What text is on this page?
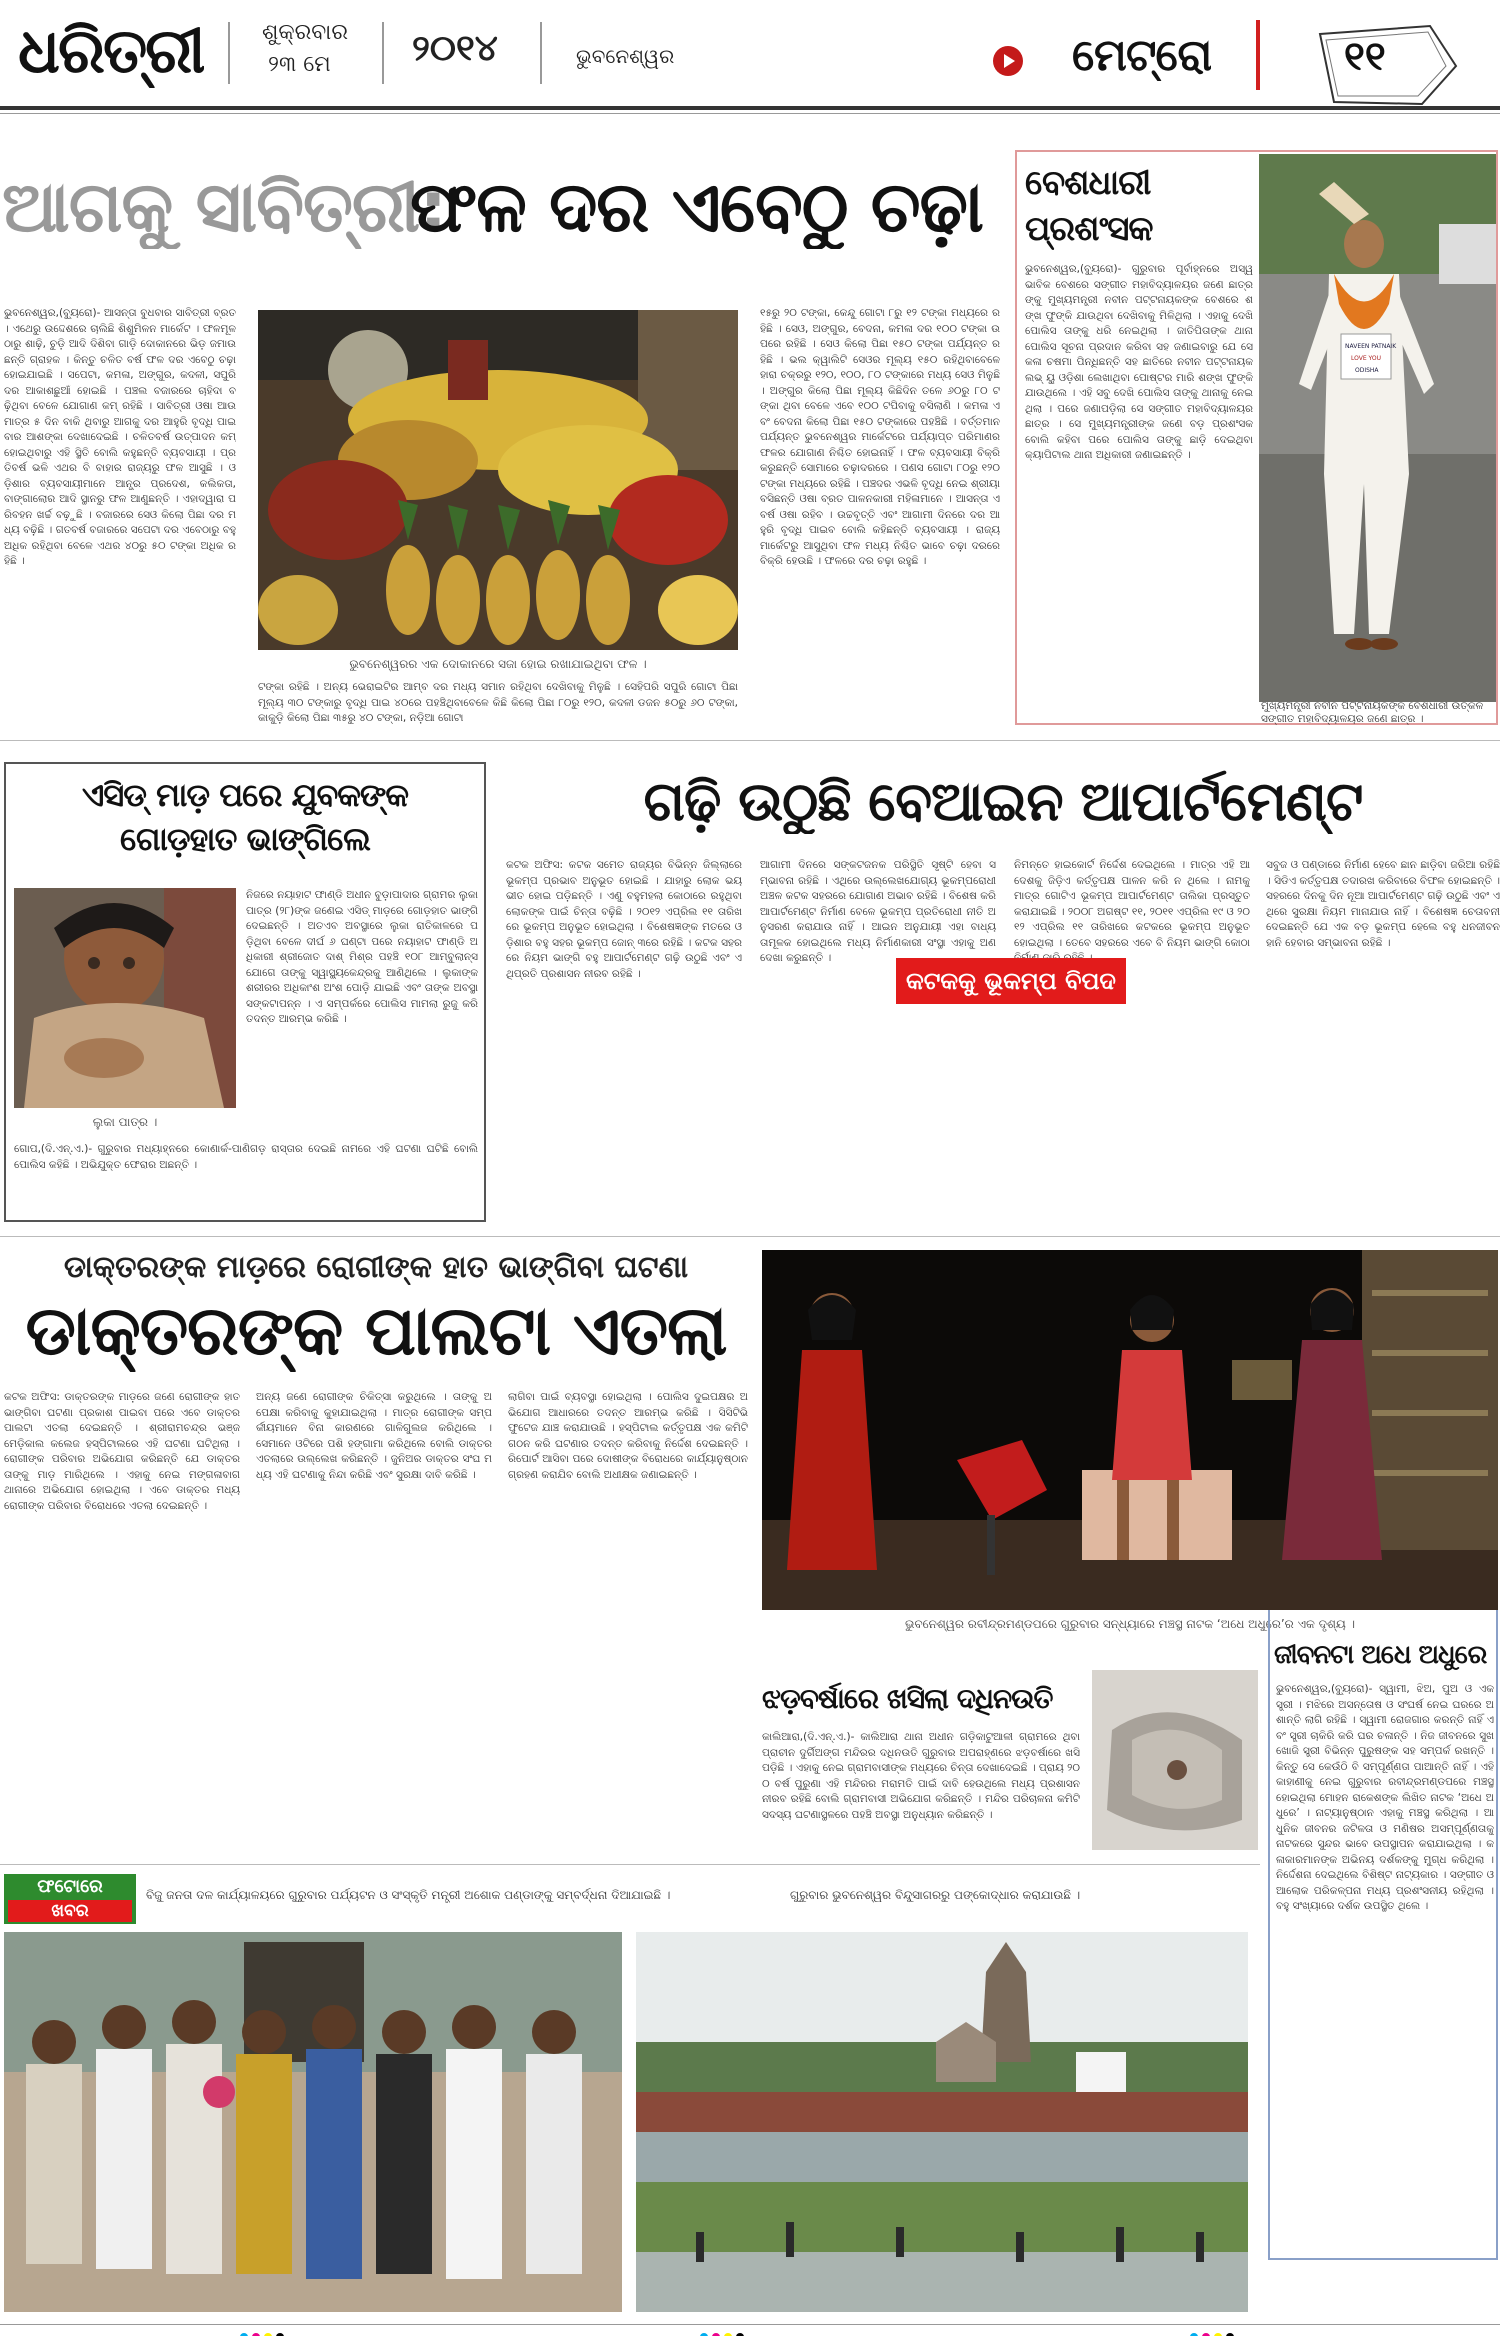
ଧରିତ୍ରୀ	ଶୁକ୍ରବାର
୨୩ ମେ ୨୦୧୪	ଭୁବନେଶ୍ୱର	ମେଟ୍ରୋ	୧୧
ଆଗକୁ ସାବିତ୍ରୀ:
ଫଳ ଦର ଏବେଠୁ ଚଢ଼ା
ଭୁବନେଶ୍ୱର,(ବ୍ୟୁରୋ)- ଆସନ୍ତା ବୁଧବାର ସାବିତ୍ରୀ ବ୍ରତ । ଏଥେରୁ ଉଦ୍ଦେଶରେ ଚାଲିଛି ଶିଶୁମିଳନ ମାର୍କେଟ । ଫଳମୂଳଠାରୁ ଶାଢ଼ି, ଚୁଡ଼ି ଆଦି ଦିଶିବା ଗାଡ଼ି ଦୋକାନରେ ଭିଡ଼ ଜମାଉଛନ୍ତି ଗ୍ରାହକ । କିନ୍ତୁ ଚଳିତ ବର୍ଷ ଫଳ ଦର ଏବେଠୁ ଚଢ଼ା ହୋଇଯାଇଛି । ସପେଟା, କମଳା, ଅଙ୍ଗୁର, କଦଳୀ, ସପୁରି ଦର ଆକାଶଛୁଆଁ ହୋଇଛି । ପଞ୍ଚଲ ବଜାରରେ ଚାହିଦା ବଢ଼ିଥିବା ବେଳେ ଯୋଗାଣ କମ୍ ରହିଛି । ସାବିତ୍ରୀ ଓଷା ଆଉ ମାତ୍ର ୫ ଦିନ ବାକି ଥିବାରୁ ଆଗକୁ ଦର ଆହୁରି ବୃଦ୍ଧି ପାଇବାର ଆଶଙ୍କା ଦେଖାଦେଇଛି । ଚଳିତବର୍ଷ ଉତ୍ପାଦନ କମ୍ ହୋଇଥିବାରୁ ଏହି ସ୍ଥିତି ବୋଲି କହୁଛନ୍ତି ବ୍ୟବସାୟୀ । ପ୍ରତିବର୍ଷ ଭଳି ଏଥର ବି ବାହାର ରାଜ୍ୟରୁ ଫଳ ଆସୁଛି । ଓଡ଼ିଶାର ବ୍ୟବସାୟୀମାନେ ଆନ୍ଧ୍ର ପ୍ରଦେଶ, କଲିକତା, ବାଙ୍ଗାଲୋର ଆଦି ସ୍ଥାନରୁ ଫଳ ଆଣୁଛନ୍ତି । ଏହାଦ୍ୱାରା ପରିବହନ ଖର୍ଚ୍ଚ ବଢ଼ୁଛି । ବଜାରରେ ସେଓ କିଲୋ ପିଛା ଦର ମଧ୍ୟ ବଢ଼ିଛି । ଗତବର୍ଷ ବଜାରରେ ସପେଟା ଦର ଏବେଠାରୁ ବହୁ ଅଧିକ ରହିଥିବା ବେଳେ ଏଥର ୪୦ରୁ ୫୦ ଟଙ୍କା ଅଧିକ ରହିଛି ।
ଭୁବନେଶ୍ୱରର ଏକ ଦୋକାନରେ ସଜା ହୋଇ ରଖାଯାଇଥିବା ଫଳ ।
ଟଙ୍କା ରହିଛି । ଅନ୍ୟ ଭେରାଇଟିର ଆମ୍ବ ଦର ମଧ୍ୟ ସମାନ ରହିଥିବା ଦେଖିବାକୁ ମିଳୁଛି । ସେହିପରି ସପୁରି ଗୋଟା ପିଛା ମୂଲ୍ୟ ୩୦ ଟଙ୍କାରୁ ବୃଦ୍ଧି ପାଇ ୪୦ରେ ପହଞ୍ଚିଥିବାବେଳେ କିଛି କିଲୋ ପିଛା ୮୦ରୁ ୧୨୦, କଦଳୀ ଡଜନ ୫୦ରୁ ୬୦ ଟଙ୍କା, କାକୁଡ଼ି କିଲୋ ପିଛା ୩୫ରୁ ୪୦ ଟଙ୍କା, ନଡ଼ିଆ ଗୋଟା
୧୫ରୁ ୨୦ ଟଙ୍କା, କେନ୍ଦୁ ଗୋଟା ୮ରୁ ୧୨ ଟଙ୍କା ମଧ୍ୟରେ ରହିଛି । ସେଓ, ଅଙ୍ଗୁର, ବେଦନା, କମଳା ଦର ୧୦୦ ଟଙ୍କା ଉପରେ ରହିଛି । ସେଓ କିଲୋ ପିଛା ୧୫୦ ଟଙ୍କା ପର୍ଯ୍ୟନ୍ତ ରହିଛି । ଭଲ କ୍ୱାଲିଟି ସେଓର ମୂଲ୍ୟ ୧୫୦ ରହିଥିବାବେଳେ ହାରା ଚକ୍ରରୁ ୧୨୦, ୧୦୦, ୮୦ ଟଙ୍କାରେ ମଧ୍ୟ ସେଓ ମିଳୁଛି । ଅଙ୍ଗୁର କିଲୋ ପିଛା ମୂଲ୍ୟ କିଛିଦିନ ତଳେ ୬୦ରୁ ୮୦ ଟଙ୍କା ଥିବା ବେଳେ ଏବେ ୧୦୦ ଟପିବାକୁ ବସିଲାଣି । କମଳା ଏବଂ ବେଦନା କିଲୋ ପିଛା ୧୫୦ ଟଙ୍କାରେ ପହଞ୍ଚିଛି । ବର୍ତ୍ତମାନ ପର୍ଯ୍ୟନ୍ତ ଭୁବନେଶ୍ୱର ମାର୍କେଟରେ ପର୍ଯ୍ୟାପ୍ତ ପରିମାଣର ଫଳର ଯୋଗାଣ ନିଶ୍ଚିତ ହୋଇନାହିଁ । ଫଳ ବ୍ୟବସାୟୀ ବିକ୍ରି କରୁଛନ୍ତି ସୋମାରେ ଚଢ଼ାଦରରେ । ପଣସ ଗୋଟା ୮୦ରୁ ୧୨୦ ଟଙ୍କା ମଧ୍ୟରେ ରହିଛି । ପଞ୍ଚଦର ଏଭଳି ବୃଦ୍ଧି ନେଇ ଶ୍ରୀୟା ବସିଛନ୍ତି ଓଷା ବ୍ରତ ପାଳନକାରୀ ମହିଳାମାନେ । ଆସନ୍ତା ଏବର୍ଷ ଓଷା ରହିବ । ଉଚ୍ଚବୃତ୍ତି ଏବଂ ଆଗାମୀ ଦିନରେ ଦର ଆହୁରି ବୃଦ୍ଧି ପାଇବ ବୋଲି କହିଛନ୍ତି ବ୍ୟବସାୟୀ । ରାଜ୍ୟ ମାର୍କେଟରୁ ଆସୁଥିବା ଫଳ ମଧ୍ୟ ନିଶ୍ଚିତ ଭାବେ ଚଢ଼ା ଦରରେ ବିକ୍ରି ହେଉଛି । ଫଳରେ ଦର ଚଢ଼ା ରହୁଛି ।
ବେଶଧାରୀ ପ୍ରଶଂସକ
ଭୁବନେଶ୍ୱର,(ବ୍ୟୁରୋ)- ଗୁରୁବାର ପୂର୍ବାହ୍ନରେ ଅସ୍ୱଭାବିକ ବେଶରେ ସଙ୍ଗୀତ ମହାବିଦ୍ୟାଳୟର ଜଣେ ଛାତ୍ରଙ୍କୁ ମୁଖ୍ୟମନ୍ତ୍ରୀ ନବୀନ ପଟ୍ଟନାୟକଙ୍କ ବେଶରେ ଶଙ୍ଖ ଫୁଙ୍କି ଯାଉଥିବା ଦେଖିବାକୁ ମିଳିଥିଲା । ଏହାକୁ ଦେଖି ପୋଲିସ ତାଙ୍କୁ ଧରି ନେଇଥିଲା । ଜାତିପିତାଙ୍କ ଥାନା ପୋଲିସ ସୂଚନା ପ୍ରଦାନ କରିବା ସହ ଜଣାଇବାରୁ ଯେ ସେ କଳା ଚଷମା ପିନ୍ଧିଛନ୍ତି ସହ ଛାତିରେ ନବୀନ ପଟ୍ଟନାୟକ ଲଭ୍ ୟୁ ଓଡ଼ିଶା ଲେଖାଥିବା ପୋଷ୍ଟର ମାରି ଶଙ୍ଖ ଫୁଙ୍କି ଯାଉଥିଲେ । ଏହି ସବୁ ଦେଖି ପୋଲିସ ତାଙ୍କୁ ଥାନାକୁ ନେଇଥିଲା । ପରେ ଜଣାପଡ଼ିଲା ସେ ସଙ୍ଗୀତ ମହାବିଦ୍ୟାଳୟର ଛାତ୍ର । ସେ ମୁଖ୍ୟମନ୍ତ୍ରୀଙ୍କ ଜଣେ ବଡ଼ ପ୍ରଶଂସକ ବୋଲି କହିବା ପରେ ପୋଲିସ ତାଙ୍କୁ ଛାଡ଼ି ଦେଇଥିବା କ୍ୟାପିଟାଲ ଥାନା ଅଧିକାରୀ ଜଣାଇଛନ୍ତି ।
NAVEEN PATNAIK
LOVE YOU
ODISHA
ମୁଖ୍ୟମନ୍ତ୍ରୀ ନବୀନ ପଟ୍ଟନାୟକଙ୍କ ବେଶଧାରୀ ଉତ୍କଳ ସଙ୍ଗୀତ ମହାବିଦ୍ୟାଳୟର ଜଣେ ଛାତ୍ର ।
ଏସିଡ୍ ମାଡ଼ ପରେ ଯୁବକଙ୍କ
ଗୋଡ଼ହାତ ଭାଙ୍ଗିଲେ
ଲୁକା ପାତ୍ର ।
ନିଜରେ ନୟାହାଟ ଫାଣ୍ଡି ଅଧୀନ ବୁଡ଼ାପାଦାର ଗ୍ରାମର ଲୁକା ପାତ୍ର (୨୮)ଙ୍କ ଜଣେଇ ଏସିଡ୍ ମାଡ଼ରେ ଗୋଡ଼ହାତ ଭାଙ୍ଗି ଦେଇଛନ୍ତି । ଅତଏବ ଅବସ୍ଥାରେ ଲୁକା ରାତିକାଳରେ ପଡ଼ିଥିବା ବେଳେ ଦୀର୍ଘ ୬ ଘଣ୍ଟା ପରେ ନୟାହାଟ ଫାଣ୍ଡି ଅଧିକାରୀ ଶ୍ରୀଜୋତ ଦାଶ୍ ମିଶ୍ର ପହଞ୍ଚି ୧୦୮ ଆମ୍ବୁଲାନ୍ସ ଯୋଗେ ତାଙ୍କୁ ସ୍ୱାସ୍ଥ୍ୟକେନ୍ଦ୍ରକୁ ଆଣିଥିଲେ । ଲୁକାଙ୍କ ଶରୀରର ଅଧିକାଂଶ ଅଂଶ ପୋଡ଼ି ଯାଇଛି ଏବଂ ତାଙ୍କ ଅବସ୍ଥା ସଙ୍କଟାପନ୍ନ । ଏ ସମ୍ପର୍କରେ ପୋଲିସ ମାମଲା ରୁଜୁ କରି ତଦନ୍ତ ଆରମ୍ଭ କରିଛି ।
ଗୋପ,(ଦି.ଏନ୍.ଏ.)- ଗୁରୁବାର ମଧ୍ୟାହ୍ନରେ କୋଣାର୍କ-ପାଣିଗଡ଼ ରାସ୍ତାର ଦେଇଛି ନାମରେ ଏହି ଘଟଣା ଘଟିଛି ବୋଲି ପୋଲିସ କହିଛି । ଅଭିଯୁକ୍ତ ଫେରାର ଅଛନ୍ତି ।
ଗଢ଼ି ଉଠୁଛି ବେଆଇନ ଆପାର୍ଟମେଣ୍ଟ
କଟକ ଅଫିସ: କଟକ ସମେତ ରାଜ୍ୟର ବିଭିନ୍ନ ଜିଲ୍ଲାରେ ଭୂକମ୍ପ ପ୍ରଭାବ ଅନୁଭୂତ ହୋଇଛି । ଯାହାରୁ ଲୋକ ଭୟଭୀତ ହୋଇ ପଡ଼ିଛନ୍ତି । ଏଣୁ ବହୁମହଲା କୋଠାରେ ରହୁଥିବା ଲୋକଙ୍କ ପାଇଁ ଚିନ୍ତା ବଢ଼ିଛି । ୨୦୧୨ ଏପ୍ରିଲ ୧୧ ତାରିଖରେ ଭୂକମ୍ପ ଅନୁଭୂତ ହୋଇଥିଲା । ବିଶେଷଜ୍ଞଙ୍କ ମତରେ ଓଡ଼ିଶାର ବହୁ ସହର ଭୂକମ୍ପ ଜୋନ୍ ୩ରେ ରହିଛି । କଟକ ସହରରେ ନିୟମ ଭାଙ୍ଗି ବହୁ ଆପାର୍ଟମେଣ୍ଟ ଗଢ଼ି ଉଠୁଛି ଏବଂ ଏଥିପ୍ରତି ପ୍ରଶାସନ ନୀରବ ରହିଛି ।
ଆଗାମୀ ଦିନରେ ସଙ୍କଟଜନକ ପରିସ୍ଥିତି ସୃଷ୍ଟି ହେବା ସମ୍ଭାବନା ରହିଛି । ଏଥିରେ ଉଲ୍ଲେଖଯୋଗ୍ୟ ଭୂକମ୍ପରୋଧୀ ଅଞ୍ଚଳ କଟକ ସହରରେ ଯୋଗାଣ ଅଭାବ ରହିଛି । ବିଶେଷ କରି ଆପାର୍ଟମେଣ୍ଟ ନିର୍ମାଣ ବେଳେ ଭୂକମ୍ପ ପ୍ରତିରୋଧୀ ନୀତି ଅନୁସରଣ କରାଯାଉ ନାହିଁ । ଆଇନ ଅନୁଯାୟୀ ଏହା ବାଧ୍ୟତାମୂଳକ ହୋଇଥିଲେ ମଧ୍ୟ ନିର୍ମାଣକାରୀ ସଂସ୍ଥା ଏହାକୁ ଅଣଦେଖା କରୁଛନ୍ତି ।
ନିମନ୍ତେ ହାଇକୋର୍ଟ ନିର୍ଦ୍ଦେଶ ଦେଇଥିଲେ । ମାତ୍ର ଏହି ଆଦେଶକୁ ଜିଡ଼ିଏ କର୍ତ୍ତୃପକ୍ଷ ପାଳନ କରି ନ ଥିଲେ । ନାମକୁ ମାତ୍ର ଗୋଟିଏ ଭୂକମ୍ପ ଆପାର୍ଟମେଣ୍ଟ ତାଲିକା ପ୍ରସ୍ତୁତ କରାଯାଇଛି । ୨୦୦୮ ଅଗଷ୍ଟ ୧୧, ୨୦୧୧ ଏପ୍ରିଲ ୧୯ ଓ ୨୦୧୨ ଏପ୍ରିଲ ୧୧ ତାରିଖରେ କଟକରେ ଭୂକମ୍ପ ଅନୁଭୂତ ହୋଇଥିଲା । ତେବେ ସହରରେ ଏବେ ବି ନିୟମ ଭାଙ୍ଗି କୋଠା
ସବୁଜ ଓ ପଣ୍ଡାରେ ନିର୍ମାଣ ହେବେ ଛାନ ଛାଡ଼ିବା ଜରିଆ ରହିଛି । ସିଡିଏ କର୍ତ୍ତୃପକ୍ଷ ତଦାରଖ କରିବାରେ ବିଫଳ ହୋଇଛନ୍ତି । ସହରରେ ଦିନକୁ ଦିନ ନୂଆ ଆପାର୍ଟମେଣ୍ଟ ଗଢ଼ି ଉଠୁଛି ଏବଂ ଏଥିରେ ସୁରକ୍ଷା ନିୟମ ମାନାଯାଉ ନାହିଁ । ବିଶେଷଜ୍ଞ ଚେତାବନୀ ଦେଇଛନ୍ତି ଯେ ଏକ ବଡ଼ ଭୂକମ୍ପ ହେଲେ ବହୁ ଧନଜୀବନ ହାନି ହେବାର ସମ୍ଭାବନା ରହିଛି ।
କଟକକୁ ଭୂକମ୍ପ ବିପଦ
ଡାକ୍ତରଙ୍କ ମାଡ଼ରେ ରୋଗୀଙ୍କ ହାତ ଭାଙ୍ଗିବା ଘଟଣା
ଡାକ୍ତରଙ୍କ ପାଲଟା ଏତଲା
କଟକ ଅଫିସ: ଡାକ୍ତରଙ୍କ ମାଡ଼ରେ ଜଣେ ରୋଗୀଙ୍କ ହାତ ଭାଙ୍ଗିବା ଘଟଣା ପ୍ରକାଶ ପାଇବା ପରେ ଏବେ ଡାକ୍ତର ପାଲଟା ଏତଲା ଦେଇଛନ୍ତି । ଶ୍ରୀରାମଚନ୍ଦ୍ର ଭଞ୍ଜ ମେଡ଼ିକାଲ କଲେଜ ହସ୍ପିଟାଲରେ ଏହି ଘଟଣା ଘଟିଥିଲା । ରୋଗୀଙ୍କ ପରିବାର ଅଭିଯୋଗ କରିଛନ୍ତି ଯେ ଡାକ୍ତର ତାଙ୍କୁ ମାଡ଼ ମାରିଥିଲେ । ଏହାକୁ ନେଇ ମଙ୍ଗଳାବାଗ ଥାନାରେ ଅଭିଯୋଗ ହୋଇଥିଲା । ଏବେ ଡାକ୍ତର ମଧ୍ୟ ରୋଗୀଙ୍କ ପରିବାର ବିରୋଧରେ ଏତଲା ଦେଇଛନ୍ତି ।
ଅନ୍ୟ ଜଣେ ରୋଗୀଙ୍କ ଚିକିତ୍ସା କରୁଥିଲେ । ତାଙ୍କୁ ଅପେକ୍ଷା କରିବାକୁ କୁହାଯାଇଥିଲା । ମାତ୍ର ରୋଗୀଙ୍କ ସମ୍ପର୍କୀୟମାନେ ବିନା କାରଣରେ ଗାଳିଗୁଲଜ କରିଥିଲେ । ସେମାନେ ଓଟିରେ ପଶି ହଙ୍ଗାମା କରିଥିଲେ ବୋଲି ଡାକ୍ତର ଏତଲାରେ ଉଲ୍ଲେଖ କରିଛନ୍ତି । ଜୁନିଅର ଡାକ୍ତର ସଂଘ ମଧ୍ୟ ଏହି ଘଟଣାକୁ ନିନ୍ଦା କରିଛି ଏବଂ ସୁରକ୍ଷା ଦାବି କରିଛି ।
ଲାଗିବା ପାଇଁ ବ୍ୟବସ୍ଥା ହୋଇଥିଲା । ପୋଲିସ ଦୁଇପକ୍ଷର ଅଭିଯୋଗ ଆଧାରରେ ତଦନ୍ତ ଆରମ୍ଭ କରିଛି । ସିସିଟିଭି ଫୁଟେଜ ଯାଞ୍ଚ କରାଯାଉଛି । ହସ୍ପିଟାଲ କର୍ତ୍ତୃପକ୍ଷ ଏକ କମିଟି ଗଠନ କରି ଘଟଣାର ତଦନ୍ତ କରିବାକୁ ନିର୍ଦ୍ଦେଶ ଦେଇଛନ୍ତି । ରିପୋର୍ଟ ଆସିବା ପରେ ଦୋଷୀଙ୍କ ବିରୋଧରେ କାର୍ଯ୍ୟାନୁଷ୍ଠାନ ଗ୍ରହଣ କରାଯିବ ବୋଲି ଅଧୀକ୍ଷକ ଜଣାଇଛନ୍ତି ।
ଭୁବନେଶ୍ୱର ରବୀନ୍ଦ୍ରମଣ୍ଡପରେ ଗୁରୁବାର ସନ୍ଧ୍ୟାରେ ମଞ୍ଚସ୍ଥ ନାଟକ ‘ଅଧେ ଅଧୁରେ’ର ଏକ ଦୃଶ୍ୟ ।
ଜୀବନଟା ଅଧେ ଅଧୁରେ
ଭୁବନେଶ୍ୱର,(ବ୍ୟୁରୋ)- ସ୍ୱାମୀ, ଝିଅ, ପୁଅ ଓ ଏକ ସ୍ତ୍ରୀ । ମଝିରେ ଅସନ୍ତୋଷ ଓ ସଂଘର୍ଷ ନେଇ ଘରରେ ଅଶାନ୍ତି ଲାଗି ରହିଛି । ସ୍ୱାମୀ ରୋଜଗାର କରନ୍ତି ନାହିଁ ଏବଂ ସ୍ତ୍ରୀ ଚାକିରି କରି ଘର ଚଳାନ୍ତି । ନିଜ ଜୀବନରେ ସୁଖ ଖୋଜି ସ୍ତ୍ରୀ ବିଭିନ୍ନ ପୁରୁଷଙ୍କ ସହ ସମ୍ପର୍କ ରଖନ୍ତି । କିନ୍ତୁ ସେ କେଉଁଠି ବି ସମ୍ପୂର୍ଣ୍ଣତା ପାଆନ୍ତି ନାହିଁ । ଏହି କାହାଣୀକୁ ନେଇ ଗୁରୁବାର ରବୀନ୍ଦ୍ରମଣ୍ଡପରେ ମଞ୍ଚସ୍ଥ ହୋଇଥିଲା ମୋହନ ରାକେଶଙ୍କ ଲିଖିତ ନାଟକ ‘ଅଧେ ଅଧୁରେ’ । ନାଟ୍ୟାନୁଷ୍ଠାନ ଏହାକୁ ମଞ୍ଚସ୍ଥ କରିଥିଲା । ଆଧୁନିକ ଜୀବନର ଜଟିଳତା ଓ ମଣିଷର ଅସମ୍ପୂର୍ଣ୍ଣତାକୁ ନାଟକରେ ସୁନ୍ଦର ଭାବେ ଉପସ୍ଥାପନ କରାଯାଇଥିଲା । କଳାକାରମାନଙ୍କ ଅଭିନୟ ଦର୍ଶକଙ୍କୁ ମୁଗ୍ଧ କରିଥିଲା । ନିର୍ଦ୍ଦେଶନା ଦେଇଥିଲେ ବିଶିଷ୍ଟ ନାଟ୍ୟକାର । ସଙ୍ଗୀତ ଓ ଆଲୋକ ପରିକଳ୍ପନା ମଧ୍ୟ ପ୍ରଶଂସନୀୟ ରହିଥିଲା । ବହୁ ସଂଖ୍ୟାରେ ଦର୍ଶକ ଉପସ୍ଥିତ ଥିଲେ ।
ଝଡ଼ବର୍ଷାରେ ଖସିଲା ଦଧିନଉତି
କାଲିଆରା,(ଦି.ଏନ୍.ଏ.)- କାଲିଆରା ଥାନା ଅଧୀନ ଗଡ଼ିକାଟୁଆଳୀ ଗ୍ରାମରେ ଥିବା ପ୍ରାଚୀନ ଦୁର୍ଗିଅଙ୍ଗ ମନ୍ଦିରର ଦଧିନଉତି ଗୁରୁବାର ଅପରାହ୍ଣରେ ଝଡ଼ବର୍ଷାରେ ଖସି ପଡ଼ିଛି । ଏହାକୁ ନେଇ ଗ୍ରାମବାସୀଙ୍କ ମଧ୍ୟରେ ଚିନ୍ତା ଦେଖାଦେଇଛି । ପ୍ରାୟ ୨୦୦ ବର୍ଷ ପୁରୁଣା ଏହି ମନ୍ଦିରର ମରାମତି ପାଇଁ ଦାବି ହେଉଥିଲେ ମଧ୍ୟ ପ୍ରଶାସନ ନୀରବ ରହିଛି ବୋଲି ଗ୍ରାମବାସୀ ଅଭିଯୋଗ କରିଛନ୍ତି । ମନ୍ଦିର ପରିଚାଳନା କମିଟି ସଦସ୍ୟ ଘଟଣାସ୍ଥଳରେ ପହଞ୍ଚି ଅବସ୍ଥା ଅନୁଧ୍ୟାନ କରିଛନ୍ତି ।
ଫଟୋରେ
ଖବର
ବିଜୁ ଜନତା ଦଳ କାର୍ଯ୍ୟାଳୟରେ ଗୁରୁବାର ପର୍ଯ୍ୟଟନ ଓ ସଂସ୍କୃତି ମନ୍ତ୍ରୀ ଅଶୋକ ପଣ୍ଡାଙ୍କୁ ସମ୍ବର୍ଦ୍ଧନା ଦିଆଯାଇଛି ।	ଗୁରୁବାର ଭୁବନେଶ୍ୱର ବିନ୍ଦୁସାଗରରୁ ପଙ୍କୋଦ୍ଧାର କରାଯାଉଛି ।
